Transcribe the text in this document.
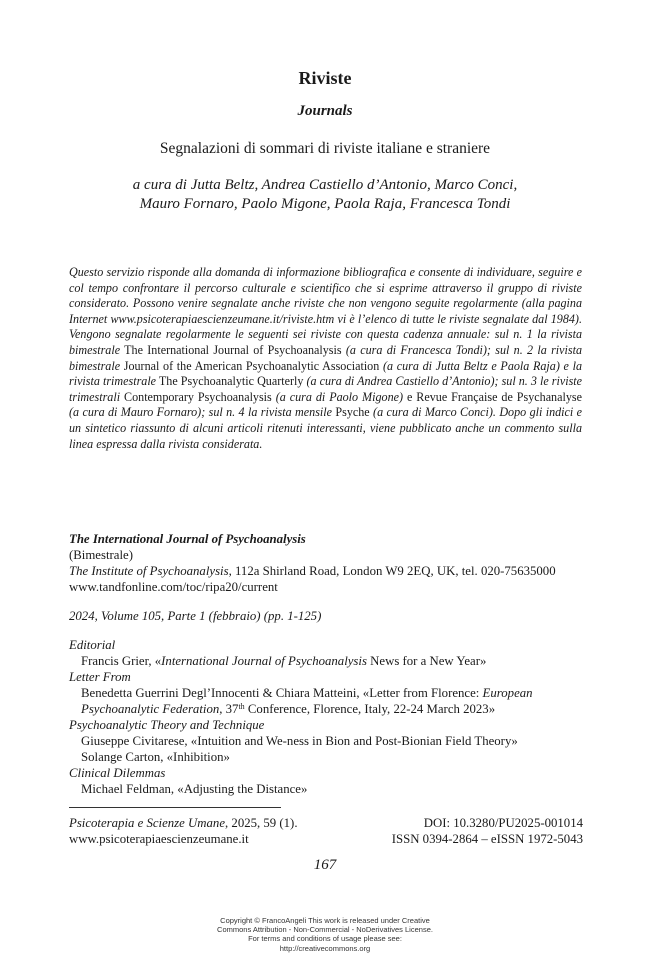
Riviste
Journals
Segnalazioni di sommari di riviste italiane e straniere
a cura di Jutta Beltz, Andrea Castiello d’Antonio, Marco Conci,
Mauro Fornaro, Paolo Migone, Paola Raja, Francesca Tondi
Questo servizio risponde alla domanda di informazione bibliografica e consente di individuare, seguire e col tempo confrontare il percorso culturale e scientifico che si esprime attraverso il gruppo di riviste considerato. Possono venire segnalate anche riviste che non vengono seguite regolarmente (alla pagina Internet www.psicoterapiaescienzeumane.it/riviste.htm vi è l’elenco di tutte le riviste segnalate dal 1984). Vengono segnalate regolarmente le seguenti sei riviste con questa cadenza annuale: sul n. 1 la rivista bimestrale The International Journal of Psychoanalysis (a cura di Francesca Tondi); sul n. 2 la rivista bimestrale Journal of the American Psychoanalytic Association (a cura di Jutta Beltz e Paola Raja) e la rivista trimestrale The Psychoanalytic Quarterly (a cura di Andrea Castiello d’Antonio); sul n. 3 le riviste trimestrali Contemporary Psychoanalysis (a cura di Paolo Migone) e Revue Française de Psychanalyse (a cura di Mauro Fornaro); sul n. 4 la rivista mensile Psyche (a cura di Marco Conci). Dopo gli indici e un sintetico riassunto di alcuni articoli ritenuti interessanti, viene pubblicato anche un commento sulla linea espressa dalla rivista considerata.
The International Journal of Psychoanalysis
(Bimestrale)
The Institute of Psychoanalysis, 112a Shirland Road, London W9 2EQ, UK, tel. 020-75635000
www.tandfonline.com/toc/ripa20/current
2024, Volume 105, Parte 1 (febbraio) (pp. 1-125)
Editorial
Francis Grier, «International Journal of Psychoanalysis News for a New Year»
Letter From
Benedetta Guerrini Degl’Innocenti & Chiara Matteini, «Letter from Florence: European Psychoanalytic Federation, 37th Conference, Florence, Italy, 22-24 March 2023»
Psychoanalytic Theory and Technique
Giuseppe Civitarese, «Intuition and We-ness in Bion and Post-Bionian Field Theory»
Solange Carton, «Inhibition»
Clinical Dilemmas
Michael Feldman, «Adjusting the Distance»
Psicoterapia e Scienze Umane, 2025, 59 (1).
www.psicoterapiaescienzeumane.it
DOI: 10.3280/PU2025-001014
ISSN 0394-2864 – eISSN 1972-5043
167
Copyright © FrancoAngeli This work is released under Creative
Commons Attribution - Non-Commercial - NoDerivatives License.
For terms and conditions of usage please see:
http://creativecommons.org
